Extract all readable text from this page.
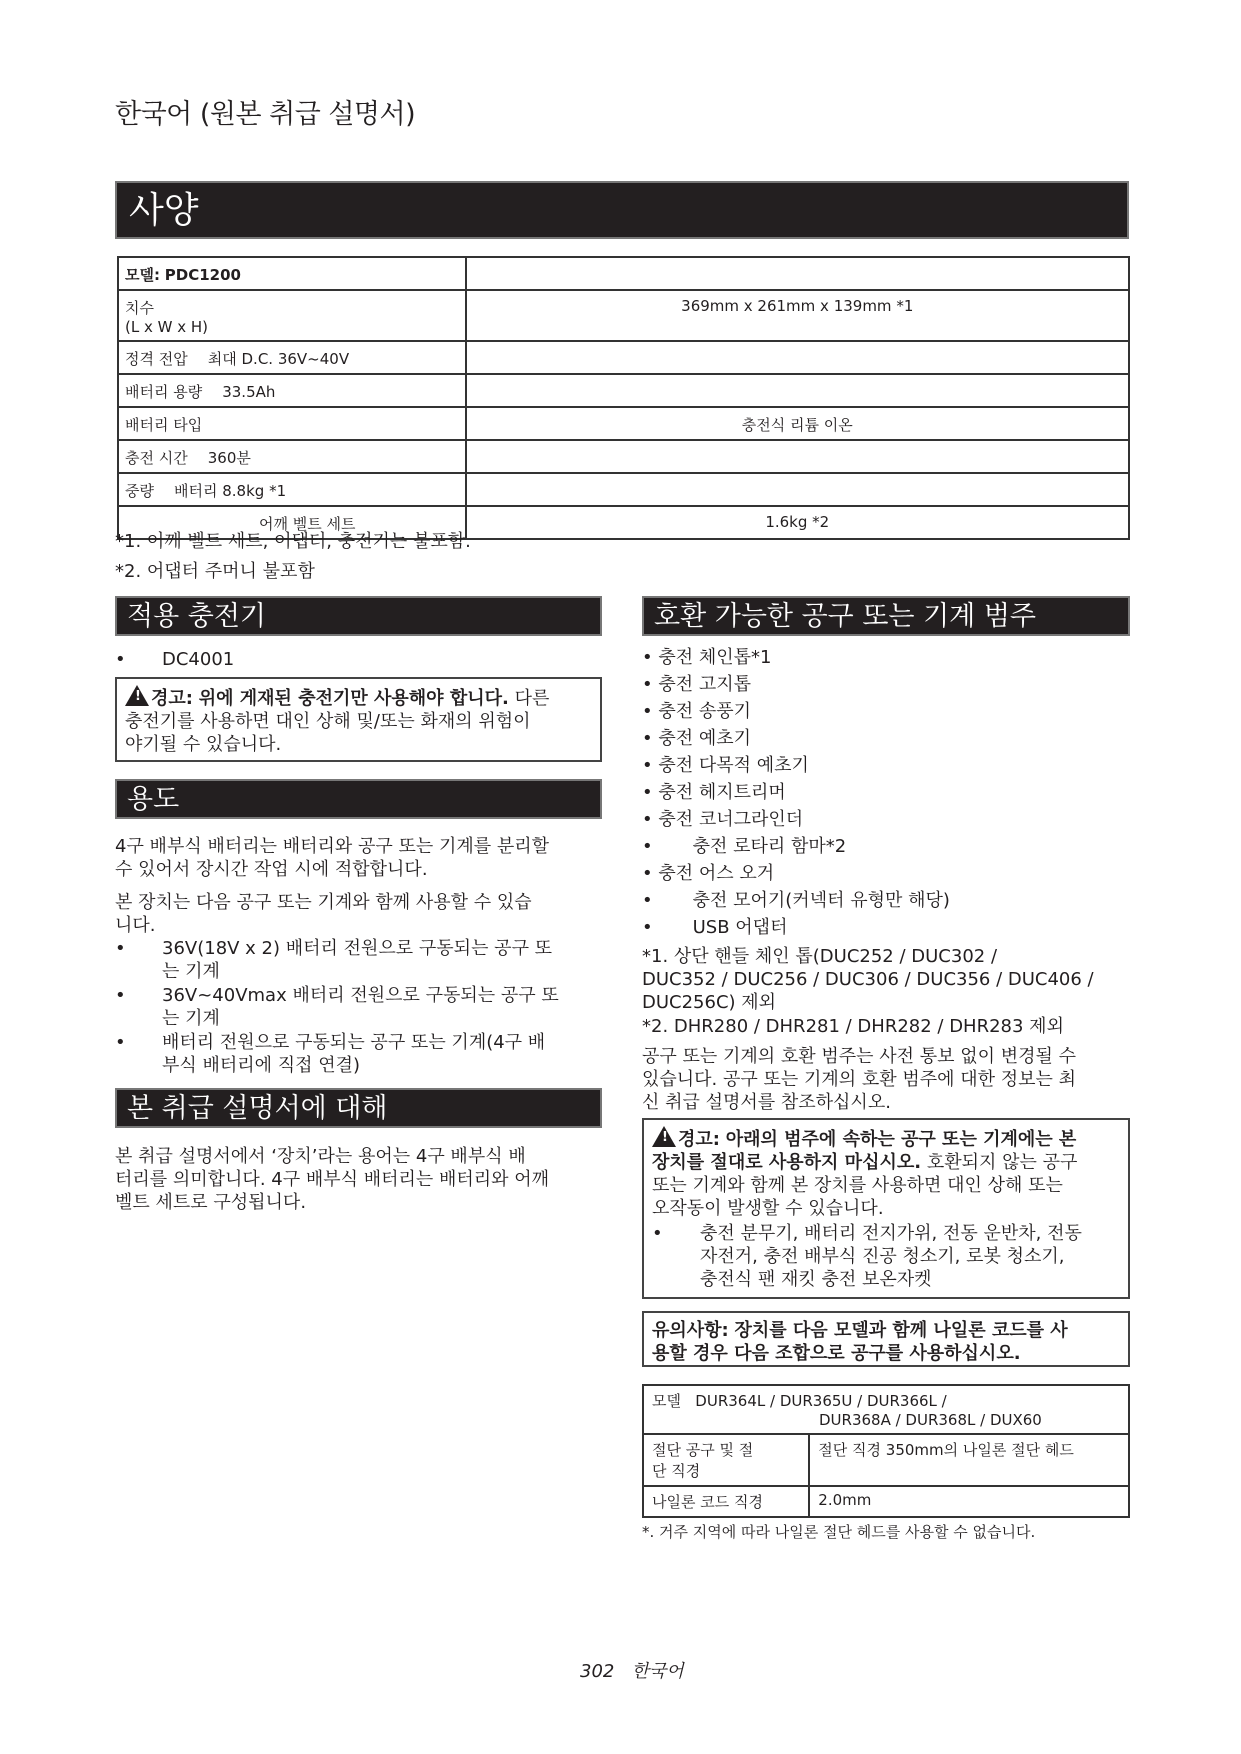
한국어 (원본 취급 설명서)
사양
모델: PDC1200	

치수
(L x W x H)	369mm x 261mm x 139mm *1
정격 전압 최대 D.C. 36V~40V	
배터리 용량 33.5Ah	
배터리 타입	충전식 리튬 이온
충전 시간 360분	
중량 배터리 8.8kg *1	
어깨 벨트 세트	1.6kg *2
*1. 어깨 벨트 세트, 어댑터, 충전기는 불포함.
*2. 어댑터 주머니 불포함
적용 충전기
• DC4001
! 경고: 위에 게재된 충전기만 사용해야 합니다. 다른
충전기를 사용하면 대인 상해 및/또는 화재의 위험이
야기될 수 있습니다.
용도
4구 배부식 배터리는 배터리와 공구 또는 기계를 분리할
수 있어서 장시간 작업 시에 적합합니다.
본 장치는 다음 공구 또는 기계와 함께 사용할 수 있습
니다.
• 36V(18V x 2) 배터리 전원으로 구동되는 공구 또
는 기계
• 36V~40Vmax 배터리 전원으로 구동되는 공구 또
는 기계
• 배터리 전원으로 구동되는 공구 또는 기계(4구 배
부식 배터리에 직접 연결)
본 취급 설명서에 대해
본 취급 설명서에서 ‘장치’라는 용어는 4구 배부식 배
터리를 의미합니다. 4구 배부식 배터리는 배터리와 어깨
벨트 세트로 구성됩니다.
호환 가능한 공구 또는 기계 범주
• 충전 체인톱*1
• 충전 고지톱
• 충전 송풍기
• 충전 예초기
• 충전 다목적 예초기
• 충전 헤지트리머
• 충전 코너그라인더
• 충전 로타리 함마*2
• 충전 어스 오거
• 충전 모어기(커넥터 유형만 해당)
• USB 어댑터
*1. 상단 핸들 체인 톱(DUC252 / DUC302 /
DUC352 / DUC256 / DUC306 / DUC356 / DUC406 /
DUC256C) 제외
*2. DHR280 / DHR281 / DHR282 / DHR283 제외
공구 또는 기계의 호환 범주는 사전 통보 없이 변경될 수
있습니다. 공구 또는 기계의 호환 범주에 대한 정보는 최
신 취급 설명서를 참조하십시오.
! 경고: 아래의 범주에 속하는 공구 또는 기계에는 본
장치를 절대로 사용하지 마십시오. 호환되지 않는 공구
또는 기계와 함께 본 장치를 사용하면 대인 상해 또는
오작동이 발생할 수 있습니다.
• 충전 분무기, 배터리 전지가위, 전동 운반차, 전동
자전거, 충전 배부식 진공 청소기, 로봇 청소기,
충전식 팬 재킷 충전 보온자켓
유의사항: 장치를 다음 모델과 함께 나일론 코드를 사
용할 경우 다음 조합으로 공구를 사용하십시오.
모델 DUR364L / DUR365U / DUR366L /
DUR368A / DUR368L / DUX60	

절단 공구 및 절
단 직경	절단 직경 350mm의 나일론 절단 헤드
나일론 코드 직경	2.0mm
*. 거주 지역에 따라 나일론 절단 헤드를 사용할 수 없습니다.
302 한국어
